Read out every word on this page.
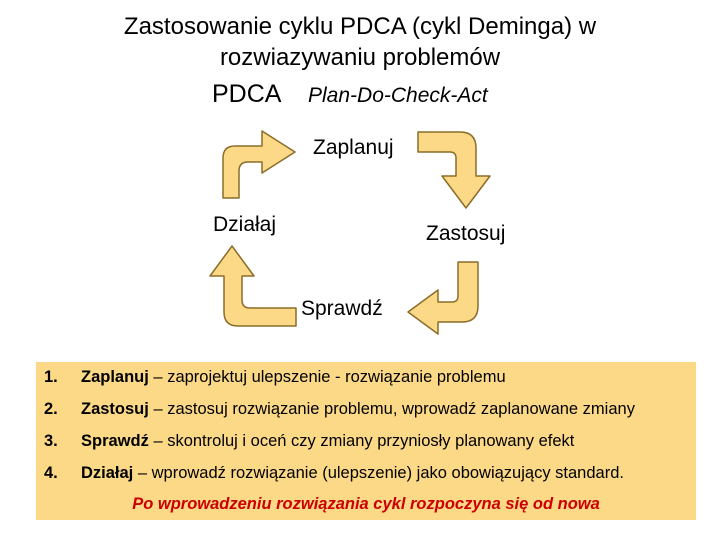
Zastosowanie cyklu PDCA (cykl Deminga) w
rozwiazywaniu problemów
PDCA Plan-Do-Check-Act
Zaplanuj
Zastosuj
Działaj
Sprawdź
1. Zaplanuj – zaprojektuj ulepszenie - rozwiązanie problemu
2. Zastosuj – zastosuj rozwiązanie problemu, wprowadź zaplanowane zmiany
3. Sprawdź – skontroluj i oceń czy zmiany przyniosły planowany efekt
4. Działaj – wprowadź rozwiązanie (ulepszenie) jako obowiązujący standard.
Po wprowadzeniu rozwiązania cykl rozpoczyna się od nowa
